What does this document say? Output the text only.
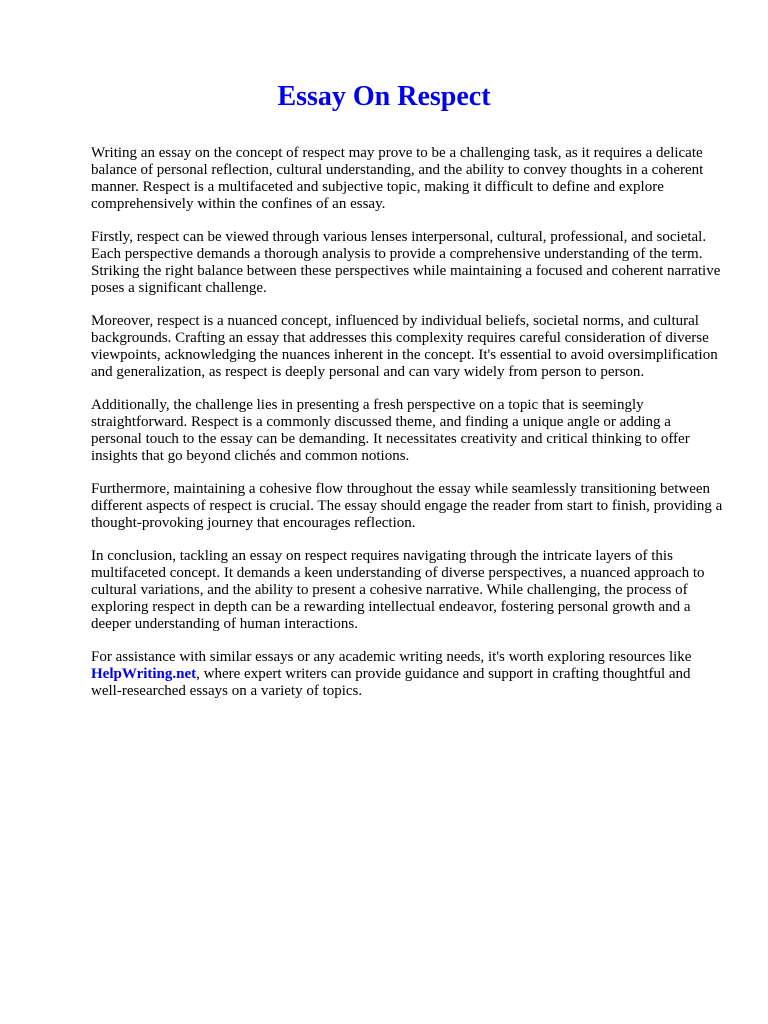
Essay On Respect

Writing an essay on the concept of respect may prove to be a challenging task, as it requires a delicate balance of personal reflection, cultural understanding, and the ability to convey thoughts in a coherent manner. Respect is a multifaceted and subjective topic, making it difficult to define and explore comprehensively within the confines of an essay.

Firstly, respect can be viewed through various lenses interpersonal, cultural, professional, and societal. Each perspective demands a thorough analysis to provide a comprehensive understanding of the term. Striking the right balance between these perspectives while maintaining a focused and coherent narrative poses a significant challenge.

Moreover, respect is a nuanced concept, influenced by individual beliefs, societal norms, and cultural backgrounds. Crafting an essay that addresses this complexity requires careful consideration of diverse viewpoints, acknowledging the nuances inherent in the concept. It's essential to avoid oversimplification and generalization, as respect is deeply personal and can vary widely from person to person.

Additionally, the challenge lies in presenting a fresh perspective on a topic that is seemingly straightforward. Respect is a commonly discussed theme, and finding a unique angle or adding a personal touch to the essay can be demanding. It necessitates creativity and critical thinking to offer insights that go beyond clichés and common notions.

Furthermore, maintaining a cohesive flow throughout the essay while seamlessly transitioning between different aspects of respect is crucial. The essay should engage the reader from start to finish, providing a thought-provoking journey that encourages reflection.

In conclusion, tackling an essay on respect requires navigating through the intricate layers of this multifaceted concept. It demands a keen understanding of diverse perspectives, a nuanced approach to cultural variations, and the ability to present a cohesive narrative. While challenging, the process of exploring respect in depth can be a rewarding intellectual endeavor, fostering personal growth and a deeper understanding of human interactions.

For assistance with similar essays or any academic writing needs, it's worth exploring resources like HelpWriting.net, where expert writers can provide guidance and support in crafting thoughtful and well-researched essays on a variety of topics.
